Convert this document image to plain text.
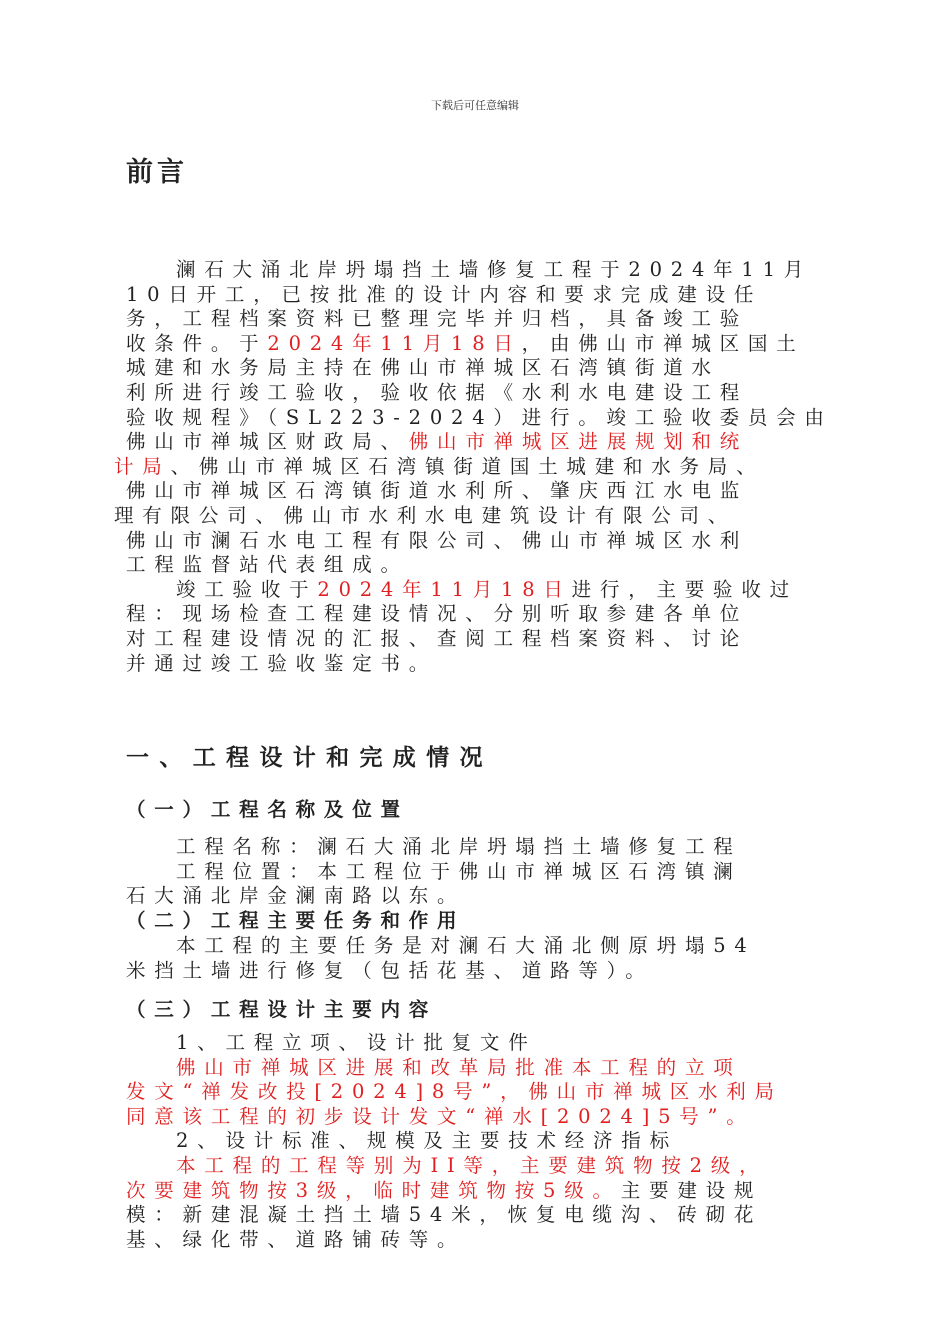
下载后可任意编辑
前言
澜石大涌北岸坍塌挡土墙修复工程于2024年11月
10日开工，已按批准的设计内容和要求完成建设任
务，工程档案资料已整理完毕并归档，具备竣工验
收条件。于2024年11月18日，由佛山市禅城区国土
城建和水务局主持在佛山市禅城区石湾镇街道水
利所进行竣工验收，验收依据《水利水电建设工程
验收规程》（SL223-2024）进行。竣工验收委员会由
佛山市禅城区财政局、佛山市禅城区进展规划和统
计局、佛山市禅城区石湾镇街道国土城建和水务局、
佛山市禅城区石湾镇街道水利所、肇庆西江水电监
理有限公司、佛山市水利水电建筑设计有限公司、
佛山市澜石水电工程有限公司、佛山市禅城区水利
工程监督站代表组成。
竣工验收于2024年11月18日进行，主要验收过
程：现场检查工程建设情况、分别听取参建各单位
对工程建设情况的汇报、查阅工程档案资料、讨论
并通过竣工验收鉴定书。
一、工程设计和完成情况
（一）工程名称及位置
工程名称：澜石大涌北岸坍塌挡土墙修复工程
工程位置：本工程位于佛山市禅城区石湾镇澜
石大涌北岸金澜南路以东。
（二）工程主要任务和作用
本工程的主要任务是对澜石大涌北侧原坍塌54
米挡土墙进行修复（包括花基、道路等）。
（三）工程设计主要内容
1、工程立项、设计批复文件
佛山市禅城区进展和改革局批准本工程的立项
发文“禅发改投[2024]8号”，佛山市禅城区水利局
同意该工程的初步设计发文“禅水[2024]5号”。
2、设计标准、规模及主要技术经济指标
本工程的工程等别为II等，主要建筑物按2级，
次要建筑物按3级，临时建筑物按5级。主要建设规
模：新建混凝土挡土墙54米，恢复电缆沟、砖砌花
基、绿化带、道路铺砖等。
